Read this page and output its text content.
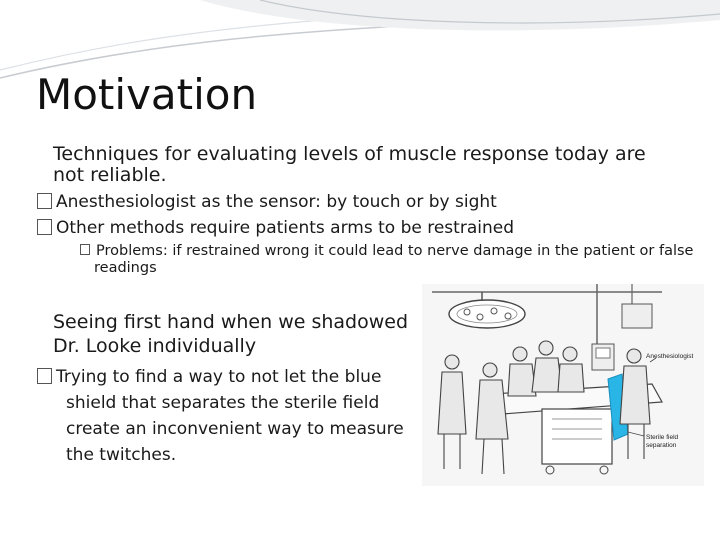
Motivation
Techniques for evaluating levels of muscle response today are not reliable.
Anesthesiologist as the sensor: by touch or by sight
Other methods require patients arms to be restrained
Problems: if restrained wrong it could lead to nerve damage in the patient or false readings
Seeing first hand when we shadowed Dr. Looke individually
Trying to find a way to not let the blue shield that separates the sterile field create an inconvenient way to measure the twitches.
Anesthesiologist
Sterile field
separation
